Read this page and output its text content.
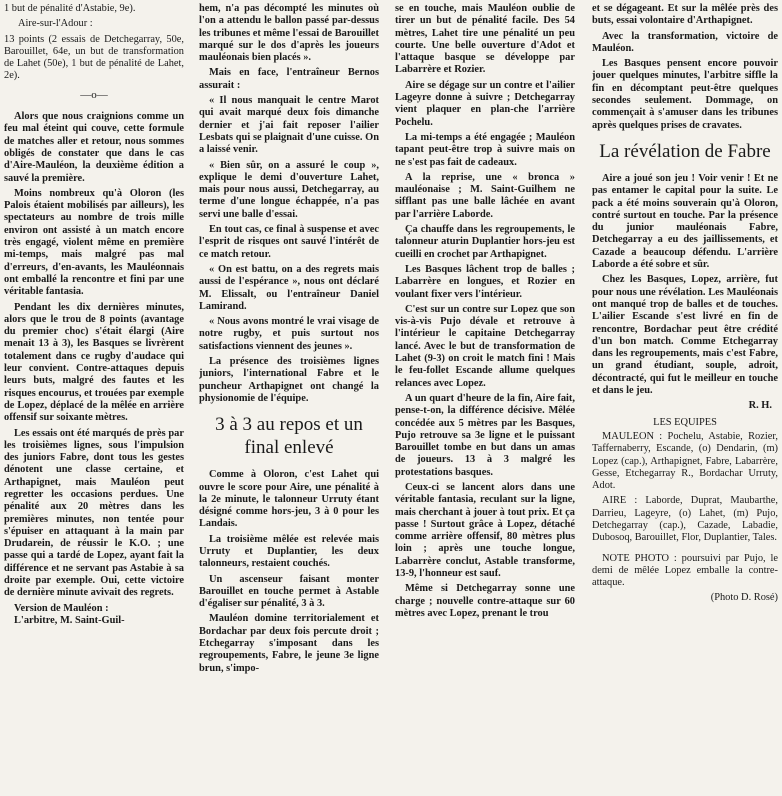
1 but de pénalité d'Astabie, 9e).

Aire-sur-l'Adour :

13 points (2 essais de Detchegarray, 50e, Barouillet, 64e, un but de transformation de Lahet (50e), 1 but de pénalité de Lahet, 2e).

—o—

Alors que nous craignions comme un feu mal éteint qui couve, cette formule de matches aller et retour, nous sommes obligés de constater que dans le cas d'Aire-Mauléon, la deuxième édition a sauvé la première.

Moins nombreux qu'à Oloron (les Palois étaient mobilisés par ailleurs), les spectateurs au nombre de trois mille environ ont assisté à un match encore très engagé, violent même en première mi-temps, mais malgré pas mal d'erreurs, d'en-avants, les Mauléonnais ont emballé la rencontre et fini par une véritable fantasia.

Pendant les dix dernières minutes, alors que le trou de 8 points (avantage du premier choc) s'était élargi (Aire menait 13 à 3), les Basques se livrèrent totalement dans ce rugby d'audace qui leur convient. Contre-attaques depuis leurs buts, malgré des fautes et les risques encourus, et trouées par exemple de Lopez, déplacé de la mêlée en arrière offensif sur soixante mètres.

Les essais ont été marqués de près par les troisièmes lignes, sous l'impulsion des juniors Fabre, dont tous les gestes dénotent une classe certaine, et Arthapignet, mais Mauléon peut regretter les occasions perdues. Une pénalité aux 20 mètres dans les premières minutes, non tentée pour s'épuiser en attaquant à la main par Drudarein, de réussir le K.O. ; une passe qui a tardé de Lopez, ayant fait la différence et ne servant pas Astabie à sa droite par exemple. Oui, cette victoire de dernière minute avivait des regrets.

Version de Mauléon :

L'arbitre, M. Saint-Guil-

hem, n'a pas décompté les minutes où l'on a attendu le ballon passé par-dessus les tribunes et même l'essai de Barouillet marqué sur le dos d'après les joueurs mauléonais bien placés ».

Mais en face, l'entraîneur Bernos assurait :

« Il nous manquait le centre Marot qui avait marqué deux fois dimanche dernier et j'ai fait reposer l'ailier Lesbats qui se plaignait d'une cuisse. On a laissé venir.

« Bien sûr, on a assuré le coup », explique le demi d'ouverture Lahet, mais pour nous aussi, Detchegarray, au terme d'une longue échappée, n'a pas servi une balle d'essai.

En tout cas, ce final à suspense et avec l'esprit de risques ont sauvé l'intérêt de ce match retour.

« On est battu, on a des regrets mais aussi de l'espérance », nous ont déclaré M. Elissalt, ou l'entraîneur Daniel Lamirand.

« Nous avons montré le vrai visage de notre rugby, et puis surtout nos satisfactions viennent des jeunes ».

La présence des troisièmes lignes juniors, l'international Fabre et le puncheur Arthapignet ont changé la physionomie de l'équipe.

3 à 3 au repos et un final enlevé

Comme à Oloron, c'est Lahet qui ouvre le score pour Aire, une pénalité à la 2e minute, le talonneur Urruty étant désigné comme hors-jeu, 3 à 0 pour les Landais.

La troisième mêlée est relevée mais Urruty et Duplantier, les deux talonneurs, restaient couchés.

Un ascenseur faisant monter Barouillet en touche permet à Astable d'égaliser sur pénalité, 3 à 3.

Mauléon domine territorialement et Bordachar par deux fois percute droit ; Etchegarray s'imposant dans les regroupements, Fabre, le jeune 3e ligne brun, s'impo-

se en touche, mais Mauléon oublie de tirer un but de pénalité facile. Des 54 mètres, Lahet tire une pénalité un peu courte. Une belle ouverture d'Adot et l'attaque basque se développe par Labarrère et Rozier.

Aire se dégage sur un contre et l'ailier Lageyre donne à suivre ; Detchegarray vient plaquer en plan-che l'arrière Pochelu.

La mi-temps a été engagée ; Mauléon tapant peut-être trop à suivre mais on ne s'est pas fait de cadeaux.

A la reprise, une « bronca » mauléonaise ; M. Saint-Guilhem ne sifflant pas une balle lâchée en avant par l'arrière Laborde.

Ça chauffe dans les regroupements, le talonneur aturin Duplantier hors-jeu est cueilli en crochet par Arthapignet.

Les Basques lâchent trop de balles ; Labarrère en longues, et Rozier en voulant fixer vers l'intérieur.

C'est sur un contre sur Lopez que son vis-à-vis Pujo dévale et retrouve à l'intérieur le capitaine Detchegarray lancé. Avec le but de transformation de Lahet (9-3) on croit le match fini ! Mais le feu-follet Escande allume quelques relances avec Lopez.

A un quart d'heure de la fin, Aire fait, pense-t-on, la différence décisive. Mêlée concédée aux 5 mètres par les Basques, Pujo retrouve sa 3e ligne et le puissant Barouillet tombe en but dans un amas de joueurs. 13 à 3 malgré les protestations basques.

Ceux-ci se lancent alors dans une véritable fantasia, reculant sur la ligne, mais cherchant à jouer à tout prix. Et ça passe ! Surtout grâce à Lopez, détaché comme arrière offensif, 80 mètres plus loin ; après une touche longue, Labarrère conclut, Astable transforme, 13-9, l'honneur est sauf.

Même si Detchegarray sonne une charge ; nouvelle contre-attaque sur 60 mètres avec Lopez, prenant le trou

et se dégageant. Et sur la mêlée près des buts, essai volontaire d'Arthapignet.

Avec la transformation, victoire de Mauléon.

Les Basques pensent encore pouvoir jouer quelques minutes, l'arbitre siffle la fin en décomptant peut-être quelques secondes seulement. Dommage, on commençait à s'amuser dans les tribunes après quelques prises de cravates.

La révélation de Fabre

Aire a joué son jeu ! Voir venir ! Et ne pas entamer le capital pour la suite. Le pack a été moins souverain qu'à Oloron, contré surtout en touche. Par la présence du junior mauléonais Fabre, Detchegarray a eu des jaillissements, et Cazade a beaucoup défendu. L'arrière Laborde a été sobre et sûr.

Chez les Basques, Lopez, arrière, fut pour nous une révélation. Les Mauléonais ont manqué trop de balles et de touches. L'ailier Escande s'est livré en fin de rencontre, Bordachar peut être crédité d'un bon match. Comme Etchegarray dans les regroupements, mais c'est Fabre, un grand étudiant, souple, adroit, décontracté, qui fut le meilleur en touche et dans le jeu.

R. H.
LES EQUIPES

MAULEON : Pochelu, Astabie, Rozier, Taffernaberry, Escande, (o) Dendarin, (m) Lopez (cap.), Arthapignet, Fabre, Labarrère, Gesse, Etchegarray R., Bordachar Urruty, Adot.

AIRE : Laborde, Duprat, Maubarthe, Darrieu, Lageyre, (o) Lahet, (m) Pujo, Detchegarray (cap.), Cazade, Labadie, Dubosoq, Barouillet, Flor, Duplantier, Tales.

NOTE PHOTO : poursuivi par Pujo, le demi de mêlée Lopez emballe la contre-attaque.

(Photo D. Rosé)
